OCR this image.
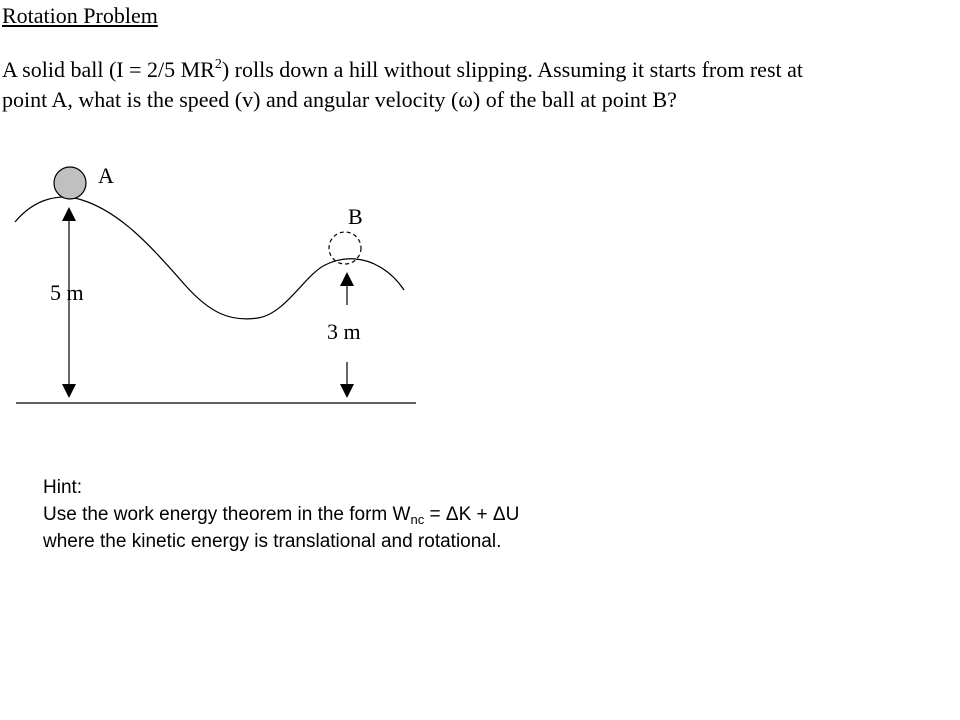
Rotation Problem
A solid ball (I = 2/5 $MR^2$) rolls down a hill without slipping. Assuming it starts from rest at
point A, what is the speed (v) and angular velocity (ω) of the ball at point B?
A
B
5 m
3 m
Hint:
Use the work energy theorem in the form $W_{nc} = \Delta K + \Delta U$
where the kinetic energy is translational and rotational.
